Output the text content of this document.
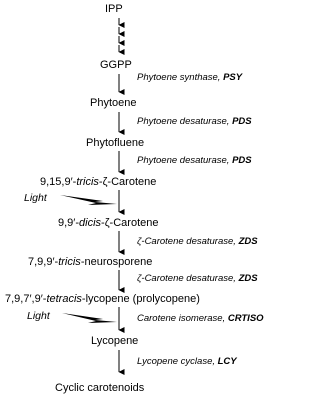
IPP
GGPP
Phytoene
Phytofluene
9,15,9′-tricis-ζ-Carotene
9,9′-dicis-ζ-Carotene
7,9,9′-tricis-neurosporene
7,9,7′,9′-tetracis-lycopene (prolycopene)
Lycopene
Cyclic carotenoids
Phytoene synthase, PSY
Phytoene desaturase, PDS
Phytoene desaturase, PDS
ζ-Carotene desaturase, ZDS
ζ-Carotene desaturase, ZDS
Carotene isomerase, CRTISO
Lycopene cyclase, LCY
Light
Light
